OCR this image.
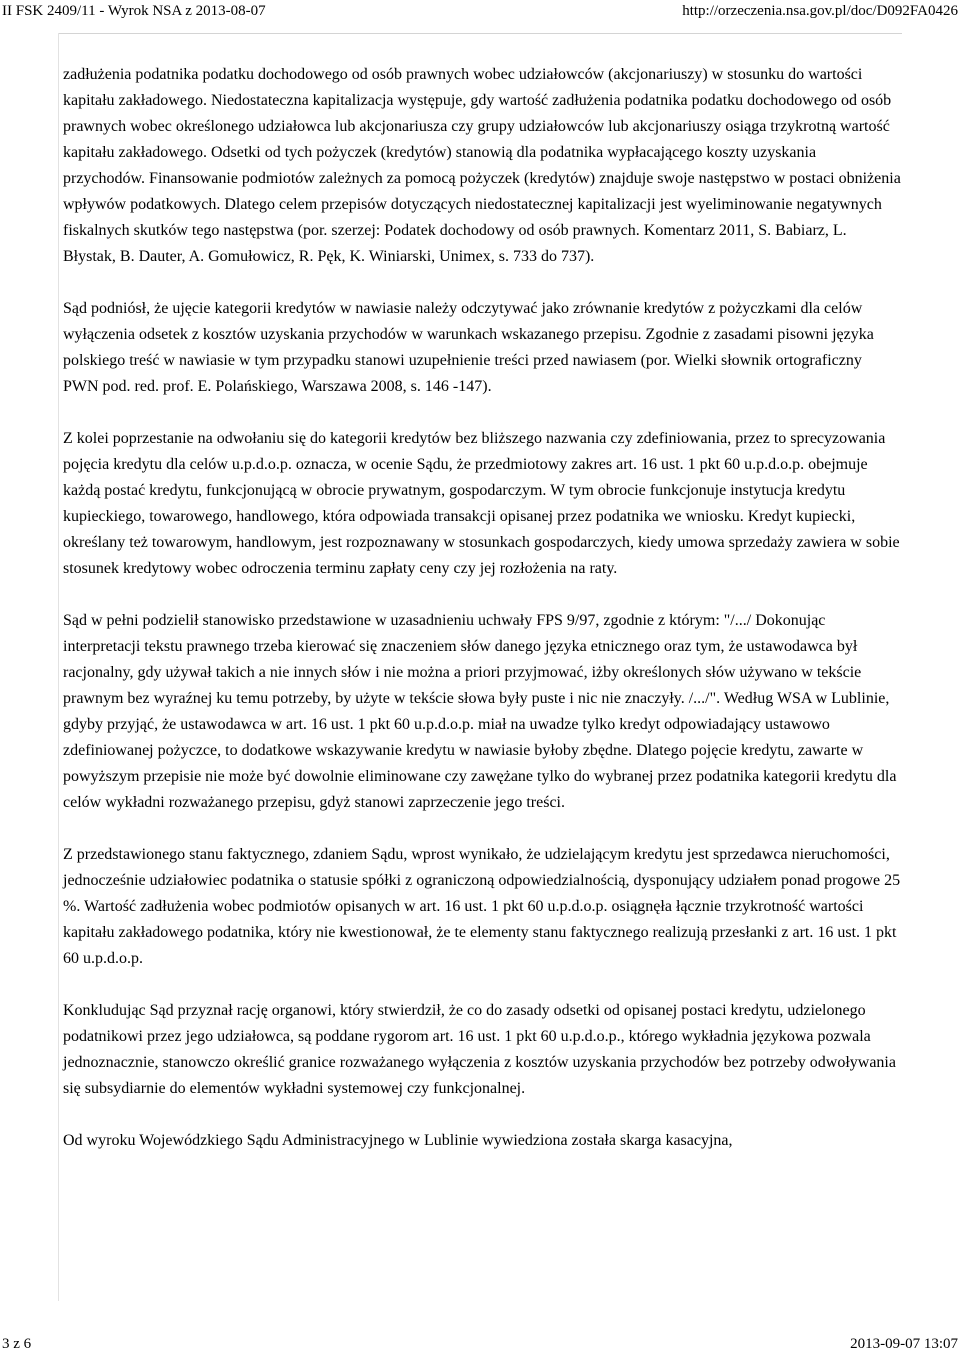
II FSK 2409/11 - Wyrok NSA z 2013-08-07	http://orzeczenia.nsa.gov.pl/doc/D092FA0426

zadłużenia podatnika podatku dochodowego od osób prawnych wobec udziałowców (akcjonariuszy) w stosunku do wartości kapitału zakładowego. Niedostateczna kapitalizacja występuje, gdy wartość zadłużenia podatnika podatku dochodowego od osób prawnych wobec określonego udziałowca lub akcjonariusza czy grupy udziałowców lub akcjonariuszy osiąga trzykrotną wartość kapitału zakładowego. Odsetki od tych pożyczek (kredytów) stanowią dla podatnika wypłacającego koszty uzyskania przychodów. Finansowanie podmiotów zależnych za pomocą pożyczek (kredytów) znajduje swoje następstwo w postaci obniżenia wpływów podatkowych. Dlatego celem przepisów dotyczących niedostatecznej kapitalizacji jest wyeliminowanie negatywnych fiskalnych skutków tego następstwa (por. szerzej: Podatek dochodowy od osób prawnych. Komentarz 2011, S. Babiarz, L. Błystak, B. Dauter, A. Gomułowicz, R. Pęk, K. Winiarski, Unimex, s. 733 do 737).

Sąd podniósł, że ujęcie kategorii kredytów w nawiasie należy odczytywać jako zrównanie kredytów z pożyczkami dla celów wyłączenia odsetek z kosztów uzyskania przychodów w warunkach wskazanego przepisu. Zgodnie z zasadami pisowni języka polskiego treść w nawiasie w tym przypadku stanowi uzupełnienie treści przed nawiasem (por. Wielki słownik ortograficzny PWN pod. red. prof. E. Polańskiego, Warszawa 2008, s. 146 -147).

Z kolei poprzestanie na odwołaniu się do kategorii kredytów bez bliższego nazwania czy zdefiniowania, przez to sprecyzowania pojęcia kredytu dla celów u.p.d.o.p. oznacza, w ocenie Sądu, że przedmiotowy zakres art. 16 ust. 1 pkt 60 u.p.d.o.p. obejmuje każdą postać kredytu, funkcjonującą w obrocie prywatnym, gospodarczym. W tym obrocie funkcjonuje instytucja kredytu kupieckiego, towarowego, handlowego, która odpowiada transakcji opisanej przez podatnika we wniosku. Kredyt kupiecki, określany też towarowym, handlowym, jest rozpoznawany w stosunkach gospodarczych, kiedy umowa sprzedaży zawiera w sobie stosunek kredytowy wobec odroczenia terminu zapłaty ceny czy jej rozłożenia na raty.

Sąd w pełni podzielił stanowisko przedstawione w uzasadnieniu uchwały FPS 9/97, zgodnie z którym: "/.../ Dokonując interpretacji tekstu prawnego trzeba kierować się znaczeniem słów danego języka etnicznego oraz tym, że ustawodawca był racjonalny, gdy używał takich a nie innych słów i nie można a priori przyjmować, iżby określonych słów używano w tekście prawnym bez wyraźnej ku temu potrzeby, by użyte w tekście słowa były puste i nic nie znaczyły. /.../". Według WSA w Lublinie, gdyby przyjąć, że ustawodawca w art. 16 ust. 1 pkt 60 u.p.d.o.p. miał na uwadze tylko kredyt odpowiadający ustawowo zdefiniowanej pożyczce, to dodatkowe wskazywanie kredytu w nawiasie byłoby zbędne. Dlatego pojęcie kredytu, zawarte w powyższym przepisie nie może być dowolnie eliminowane czy zawężane tylko do wybranej przez podatnika kategorii kredytu dla celów wykładni rozważanego przepisu, gdyż stanowi zaprzeczenie jego treści.

Z przedstawionego stanu faktycznego, zdaniem Sądu, wprost wynikało, że udzielającym kredytu jest sprzedawca nieruchomości, jednocześnie udziałowiec podatnika o statusie spółki z ograniczoną odpowiedzialnością, dysponujący udziałem ponad progowe 25 %. Wartość zadłużenia wobec podmiotów opisanych w art. 16 ust. 1 pkt 60 u.p.d.o.p. osiągnęła łącznie trzykrotność wartości kapitału zakładowego podatnika, który nie kwestionował, że te elementy stanu faktycznego realizują przesłanki z art. 16 ust. 1 pkt 60 u.p.d.o.p.

Konkludując Sąd przyznał rację organowi, który stwierdził, że co do zasady odsetki od opisanej postaci kredytu, udzielonego podatnikowi przez jego udziałowca, są poddane rygorom art. 16 ust. 1 pkt 60 u.p.d.o.p., którego wykładnia językowa pozwala jednoznacznie, stanowczo określić granice rozważanego wyłączenia z kosztów uzyskania przychodów bez potrzeby odwoływania się subsydiarnie do elementów wykładni systemowej czy funkcjonalnej.

Od wyroku Wojewódzkiego Sądu Administracyjnego w Lublinie wywiedziona została skarga kasacyjna,

3 z 6	2013-09-07 13:07
